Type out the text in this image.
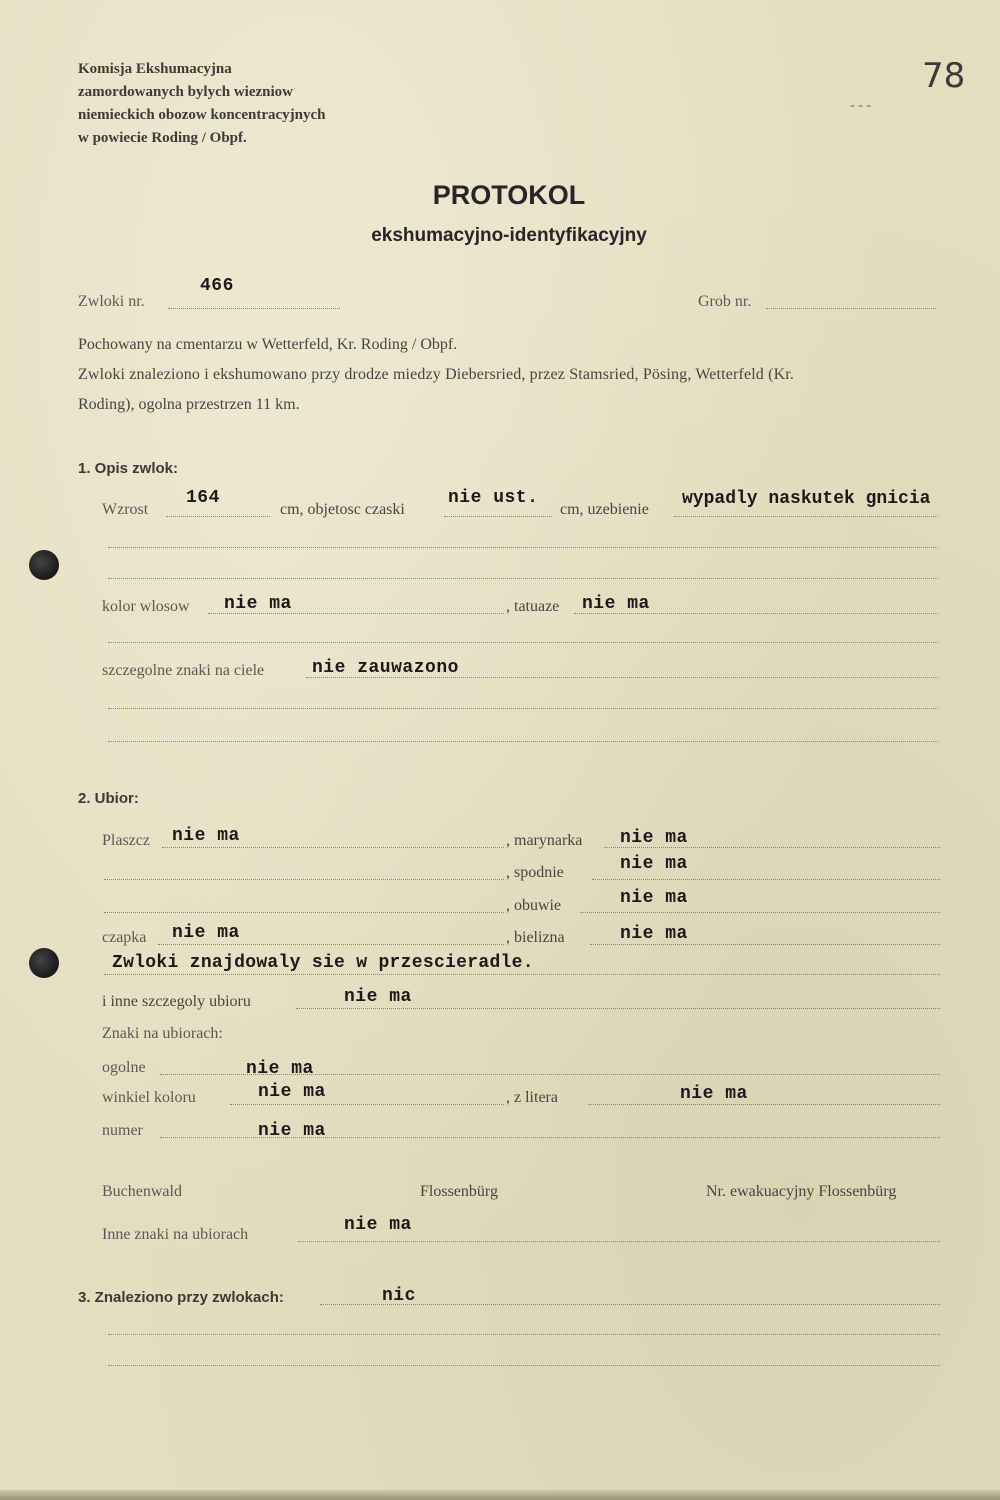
Komisja Ekshumacyjna
zamordowanych bylych wiezniow
niemieckich obozow koncentracyjnych
w powiecie Roding / Obpf.
78
- - -
PROTOKOL
ekshumacyjno-identyfikacyjny
Zwloki nr.
466
Grob nr.
Pochowany na cmentarzu w Wetterfeld, Kr. Roding / Obpf.
Zwloki znaleziono i ekshumowano przy drodze miedzy Diebersried, przez Stamsried, Pösing, Wetterfeld (Kr.
Roding), ogolna przestrzen 11 km.
1. Opis zwlok:
Wzrost
164
cm, objetosc czaski
nie ust.
cm, uzebienie
wypadly naskutek gnicia
kolor wlosow nie ma	, tatuaze nie ma
szczegolne znaki na ciele	nie zauwazono
2. Ubior:
Plaszcz nie ma	, marynarka nie ma
, spodnie	nie ma
, obuwie	nie ma
czapka nie ma	, bielizna	nie ma
Zwloki znajdowaly sie w przescieradle.
i inne szczegoly ubioru	nie ma
Znaki na ubiorach:
ogolne	nie ma
winkiel koloru	nie ma	, z litera	nie ma
numer	nie ma
Buchenwald	Flossenbürg	Nr. ewakuacyjny Flossenbürg
Inne znaki na ubiorach	nie ma
3. Znaleziono przy zwlokach:	nic
